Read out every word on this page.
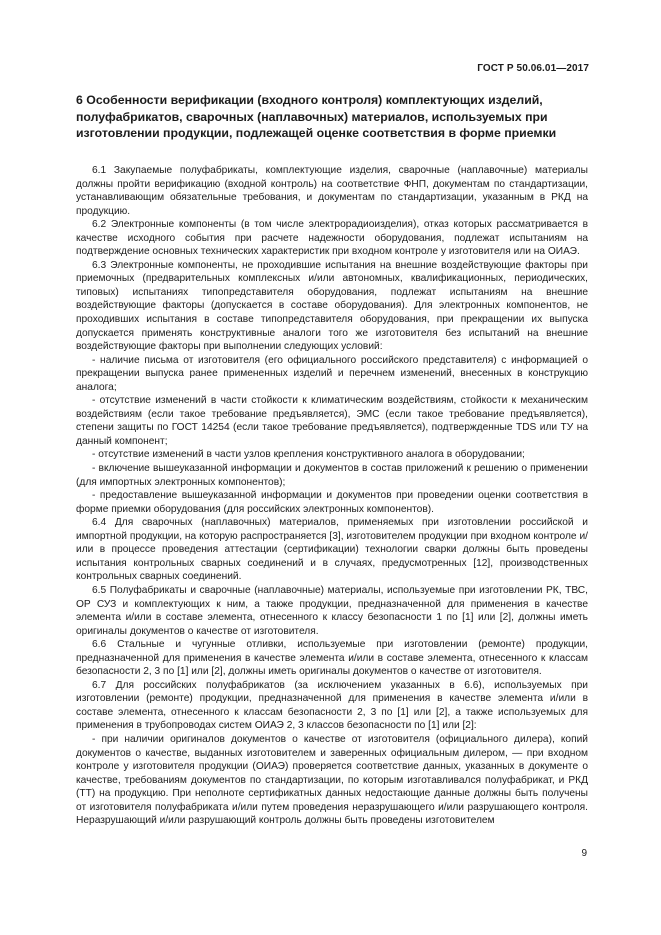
ГОСТ Р 50.06.01—2017
6 Особенности верификации (входного контроля) комплектующих изделий, полуфабрикатов, сварочных (наплавочных) материалов, используемых при изготовлении продукции, подлежащей оценке соответствия в форме приемки

6.1 Закупаемые полуфабрикаты, комплектующие изделия, сварочные (наплавочные) материалы должны пройти верификацию (входной контроль) на соответствие ФНП, документам по стандартизации, устанавливающим обязательные требования, и документам по стандартизации, указанным в РКД на продукцию.

6.2 Электронные компоненты (в том числе электрорадиоизделия), отказ которых рассматривается в качестве исходного события при расчете надежности оборудования, подлежат испытаниям на подтверждение основных технических характеристик при входном контроле у изготовителя или на ОИАЭ.

6.3 Электронные компоненты, не проходившие испытания на внешние воздействующие факторы при приемочных (предварительных комплексных и/или автономных, квалификационных, периодических, типовых) испытаниях типопредставителя оборудования, подлежат испытаниям на внешние воздействующие факторы (допускается в составе оборудования). Для электронных компонентов, не проходивших испытания в составе типопредставителя оборудования, при прекращении их выпуска допускается применять конструктивные аналоги того же изготовителя без испытаний на внешние воздействующие факторы при выполнении следующих условий:

- наличие письма от изготовителя (его официального российского представителя) с информацией о прекращении выпуска ранее примененных изделий и перечнем изменений, внесенных в конструкцию аналога;

- отсутствие изменений в части стойкости к климатическим воздействиям, стойкости к механическим воздействиям (если такое требование предъявляется), ЭМС (если такое требование предъявляется), степени защиты по ГОСТ 14254 (если такое требование предъявляется), подтвержденные TDS или ТУ на данный компонент;

- отсутствие изменений в части узлов крепления конструктивного аналога в оборудовании;

- включение вышеуказанной информации и документов в состав приложений к решению о применении (для импортных электронных компонентов);

- предоставление вышеуказанной информации и документов при проведении оценки соответствия в форме приемки оборудования (для российских электронных компонентов).

6.4 Для сварочных (наплавочных) материалов, применяемых при изготовлении российской и импортной продукции, на которую распространяется [3], изготовителем продукции при входном контроле и/или в процессе проведения аттестации (сертификации) технологии сварки должны быть проведены испытания контрольных сварных соединений и в случаях, предусмотренных [12], производственных контрольных сварных соединений.

6.5 Полуфабрикаты и сварочные (наплавочные) материалы, используемые при изготовлении РК, ТВС, ОР СУЗ и комплектующих к ним, а также продукции, предназначенной для применения в качестве элемента и/или в составе элемента, отнесенного к классу безопасности 1 по [1] или [2], должны иметь оригиналы документов о качестве от изготовителя.

6.6 Стальные и чугунные отливки, используемые при изготовлении (ремонте) продукции, предназначенной для применения в качестве элемента и/или в составе элемента, отнесенного к классам безопасности 2, 3 по [1] или [2], должны иметь оригиналы документов о качестве от изготовителя.

6.7 Для российских полуфабрикатов (за исключением указанных в 6.6), используемых при изготовлении (ремонте) продукции, предназначенной для применения в качестве элемента и/или в составе элемента, отнесенного к классам безопасности 2, 3 по [1] или [2], а также используемых для применения в трубопроводах систем ОИАЭ 2, 3 классов безопасности по [1] или [2]:

- при наличии оригиналов документов о качестве от изготовителя (официального дилера), копий документов о качестве, выданных изготовителем и заверенных официальным дилером, — при входном контроле у изготовителя продукции (ОИАЭ) проверяется соответствие данных, указанных в документе о качестве, требованиям документов по стандартизации, по которым изготавливался полуфабрикат, и РКД (ТТ) на продукцию. При неполноте сертификатных данных недостающие данные должны быть получены от изготовителя полуфабриката и/или путем проведения неразрушающего и/или разрушающего контроля. Неразрушающий и/или разрушающий контроль должны быть проведены изготовителем

9
